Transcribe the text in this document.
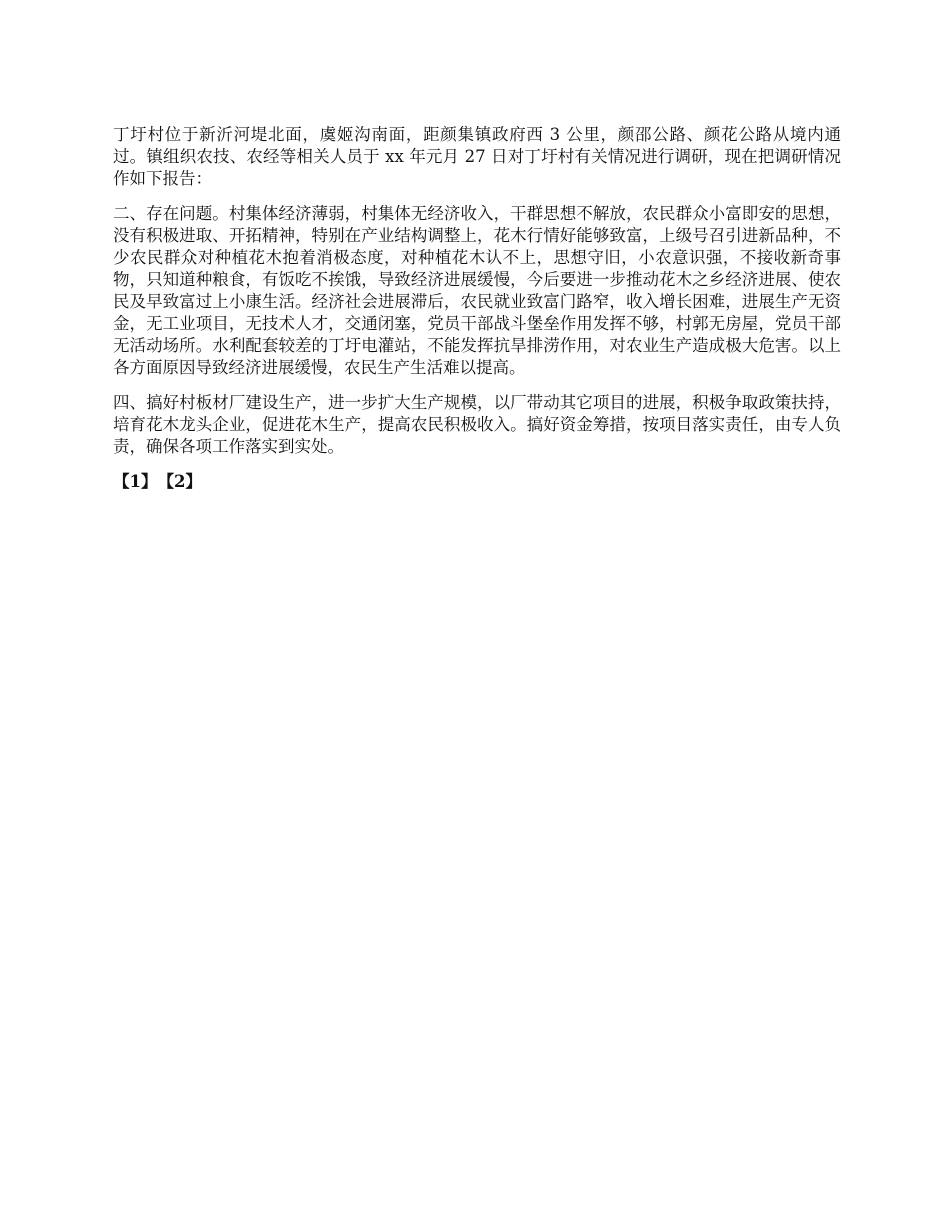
丁圩村位于新沂河堤北面，虞姬沟南面，距颜集镇政府西 3 公里，颜邵公路、颜花公路从境内通过。镇组织农技、农经等相关人员于 xx 年元月 27 日对丁圩村有关情况进行调研，现在把调研情况作如下报告：

二、存在问题。村集体经济薄弱，村集体无经济收入，干群思想不解放，农民群众小富即安的思想，没有积极进取、开拓精神，特别在产业结构调整上，花木行情好能够致富，上级号召引进新品种，不少农民群众对种植花木抱着消极态度，对种植花木认不上，思想守旧，小农意识强，不接收新奇事物，只知道种粮食，有饭吃不挨饿，导致经济进展缓慢，今后要进一步推动花木之乡经济进展、使农民及早致富过上小康生活。经济社会进展滞后，农民就业致富门路窄，收入增长困难，进展生产无资金，无工业项目，无技术人才，交通闭塞，党员干部战斗堡垒作用发挥不够，村郭无房屋，党员干部无活动场所。水利配套较差的丁圩电灌站，不能发挥抗旱排涝作用，对农业生产造成极大危害。以上各方面原因导致经济进展缓慢，农民生产生活难以提高。

四、搞好村板材厂建设生产，进一步扩大生产规模，以厂带动其它项目的进展，积极争取政策扶持，培育花木龙头企业，促进花木生产，提高农民积极收入。搞好资金筹措，按项目落实责任，由专人负责，确保各项工作落实到实处。

【1】【2】
